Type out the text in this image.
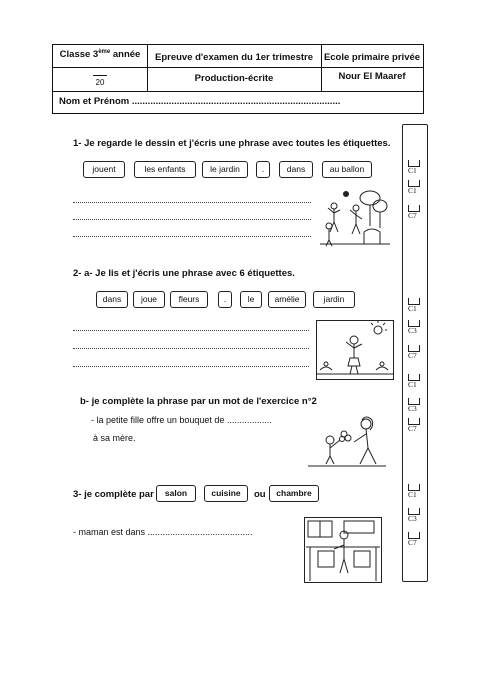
Classe 3ème année	Epreuve d'examen du 1er trimestre	Ecole primaire privée
20	Production-écrite	Nour El Maaref
Nom et Prénom ...............................................................................
C1
C1
C7
C1
C3
C7
C1
C3
C7
C1
C3
C7
1- Je regarde le dessin et j'écris une phrase avec toutes les étiquettes.
jouent	les enfants	le jardin	.	dans	au ballon
2- a- Je lis et j'écris une phrase avec 6 étiquettes.
dans	joue	fleurs	.	le	amélie	jardin
b- je complète la phrase par un mot de l'exercice n°2
- la petite fille offre un bouquet de ..................
à sa mère.
3- je complète par	salon	cuisine	ou	chambre
- maman est dans ..........................................
